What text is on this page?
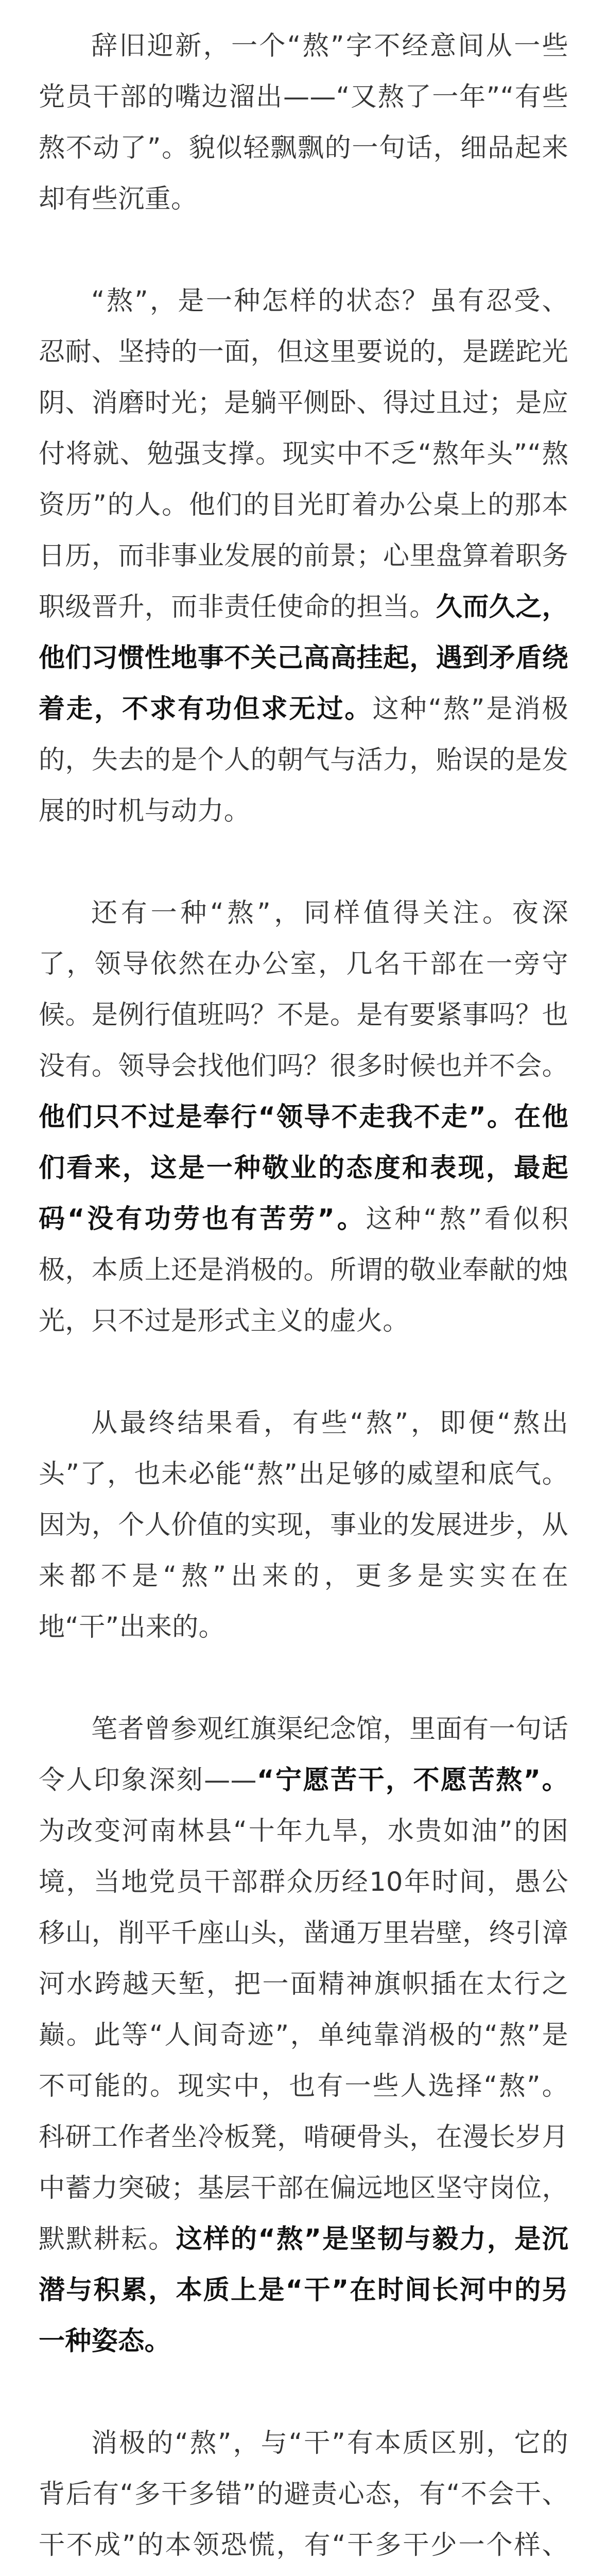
辞旧迎新，一个“熬”字不经意间从一些党员干部的嘴边溜出——“又熬了一年”“有些熬不动了”。貌似轻飘飘的一句话，细品起来却有些沉重。

“熬”，是一种怎样的状态？虽有忍受、忍耐、坚持的一面，但这里要说的，是蹉跎光阴、消磨时光；是躺平侧卧、得过且过；是应付将就、勉强支撑。现实中不乏“熬年头”“熬资历”的人。他们的目光盯着办公桌上的那本日历，而非事业发展的前景；心里盘算着职务职级晋升，而非责任使命的担当。久而久之，他们习惯性地事不关己高高挂起，遇到矛盾绕着走，不求有功但求无过。这种“熬”是消极的，失去的是个人的朝气与活力，贻误的是发展的时机与动力。

还有一种“熬”，同样值得关注。夜深了，领导依然在办公室，几名干部在一旁守候。是例行值班吗？不是。是有要紧事吗？也没有。领导会找他们吗？很多时候也并不会。他们只不过是奉行“领导不走我不走”。在他们看来，这是一种敬业的态度和表现，最起码“没有功劳也有苦劳”。这种“熬”看似积极，本质上还是消极的。所谓的敬业奉献的烛光，只不过是形式主义的虚火。

从最终结果看，有些“熬”，即便“熬出头”了，也未必能“熬”出足够的威望和底气。因为，个人价值的实现，事业的发展进步，从来都不是“熬”出来的，更多是实实在在地“干”出来的。

笔者曾参观红旗渠纪念馆，里面有一句话令人印象深刻——“宁愿苦干，不愿苦熬”。为改变河南林县“十年九旱，水贵如油”的困境，当地党员干部群众历经10年时间，愚公移山，削平千座山头，凿通万里岩壁，终引漳河水跨越天堑，把一面精神旗帜插在太行之巅。此等“人间奇迹”，单纯靠消极的“熬”是不可能的。现实中，也有一些人选择“熬”。科研工作者坐冷板凳，啃硬骨头，在漫长岁月中蓄力突破；基层干部在偏远地区坚守岗位，默默耕耘。这样的“熬”是坚韧与毅力，是沉潜与积累，本质上是“干”在时间长河中的另一种姿态。

消极的“熬”，与“干”有本质区别，它的背后有“多干多错”的避责心态，有“不会干、干不成”的本领恐慌，有“干多干少一个样、
